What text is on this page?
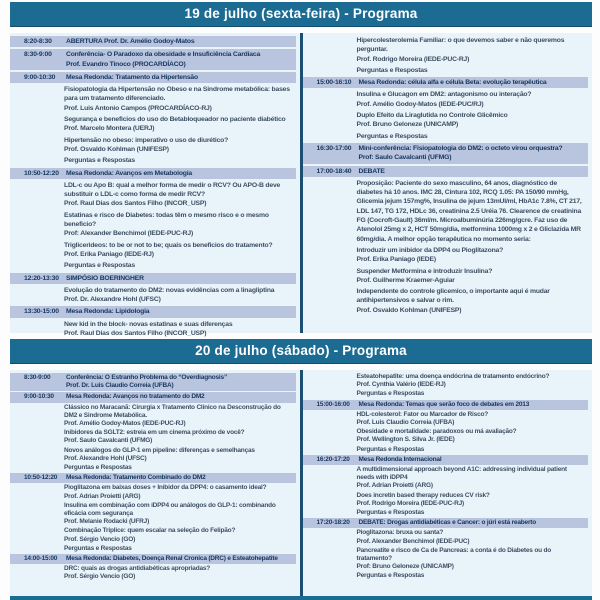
19 de julho (sexta-feira) - Programa
8:20-8:30	ABERTURA Prof. Dr. Amélio Godoy-Matos
8:30-9:00	Conferência- O Paradoxo da obesidade e Insuficiência Cardiaca
Prof. Evandro Tinoco (PROCARDÍACO)
9:00-10:30	Mesa Redonda: Tratamento da Hipertensão
Fisiopatologia da Hipertensão no Obeso e na Sindrome metabólica: bases para um tratamento diferenciado.
Prof. Luis Antonio Campos (PROCARDÍACO-RJ)
Segurança e beneficios do uso do Betabloqueador no paciente diabético
Prof. Marcelo Montera (UERJ)
Hipertensão no obeso: imperativo o uso de diurético?
Prof. Osvaldo Kohlman (UNIFESP)
Perguntas e Respostas
10:50-12:20	Mesa Redonda: Avanços em Metabologia
LDL-c ou Apo B: qual a melhor forma de medir o RCV? Ou APO-B deve substituir o LDL-c como forma de medir RCV?
Prof. Raul Dias dos Santos Filho (INCOR_USP)
Estatinas e risco de Diabetes: todas têm o mesmo risco e o mesmo beneficio?
Prof: Alexander Benchimol (IEDE-PUC-RJ)
Triglicerideos: to be or not to be; quais os beneficios do tratamento?
Prof. Erika Paniago (IEDE-RJ)
Perguntas e Respostas
12:20-13:30	SIMPÓSIO BOERINGHER
Evolução do tratamento do DM2: novas evidências com a linagliptina
Prof. Dr. Alexandre Hohl (UFSC)
13:30-15:00	Mesa Redonda: Lipidologia
New kid in the block- novas estatinas e suas diferenças
Prof. Raul Dias dos Santos Filho (INCOR_USP)
Hipercolesterolemia Familiar: o que devemos saber e não queremos perguntar.
Prof. Rodrigo Moreira (IEDE-PUC-RJ)
Perguntas e Respostas
15:00-16:10	Mesa Redonda: célula alfa e célula Beta: evolução terapêutica
Insulina e Glucagon em DM2: antagonismo ou interação?
Prof. Amélio Godoy-Matos (IEDE-PUC/RJ)
Duplo Efeito da Liraglutida no Controle Glicêmico
Prof. Bruno Geloneze (UNICAMP)
Perguntas e Respostas
16:30-17:00	Mini-conferência: Fisiopatologia do DM2: o octeto virou orquestra?
Prof: Saulo Cavalcanti (UFMG)
17:00-18:40	DEBATE
Proposição: Paciente do sexo masculino, 64 anos, diagnóstico de diabetes há 10 anos. IMC 28, Cintura 102, RCQ 1.05: PA 150/90 mmHg, Glicemia jejum 157mg%, Insulina de jejum 13mUI/ml, HbA1c 7.8%, CT 217, LDL 147, TG 172, HDLc 36, creatinina 2.5 Uréia 76. Clearence de creatinina FG (Cocroft-Gault) 36ml/m. Microalbuminúria 226mg/gcre. Faz uso de Atenolol 25mg x 2, HCT 50mg/dia, metformina 1000mg x 2 e Gliclazida MR 60mg/dia. A melhor opção terapêutica no momento seria:
Introduzir um inibidor da DPP4 ou Pioglitazona?
Prof. Erika Paniago (IEDE)
Suspender Metformina e introduzir Insulina?
Prof. Guilherme Kraemer-Aguiar
Independente do controle glicemico, o importante aqui é mudar antihipertensivos e salvar o rim.
Prof. Osvaldo Kohlman (UNIFESP)
20 de julho (sábado) - Programa
8:30-9:00	Conferência: O Estranho Problema do “Overdiagnosis”
Prof. Dr. Luis Claudio Correia (UFBA)
9:00-10:30	Mesa Redonda: Avanços no tratamento do DM2
Clássico no Maracanã: Cirurgia x Tratamento Clínico na Desconstrução do DM2 e Sindrome Metabólica.
Prof. Amélio Godoy-Matos (IEDE-PUC-RJ)
Inibidores da SGLT2: estreia em um cinema próximo de você?
Prof. Saulo Cavalcanti (UFMG)
Novos análogos do GLP-1 em pipeline: diferenças e semelhanças
Prof. Alexandre Hohl (UFSC)
Perguntas e Respostas
10:50-12:20	Mesa Redonda: Tratamento Combinado do DM2
Pioglitazona em baixas doses + Inibidor da DPP4: o casamento ideal?
Prof. Adrian Proietti (ARG)
Insulina em combinação com iDPP4 ou análogos do GLP-1: combinando eficácia com segurança
Prof. Melanie Rodacki (UFRJ)
Combinação Triplice: quem escalar na seleção do Felipão?
Prof. Sérgio Vencio (GO)
Perguntas e Respostas
14:00-15:00	Mesa Redonda: Diabetes, Doença Renal Cronica (DRC) e Esteatohepatite
DRC: quais as drogas antidiabéticas apropriadas?
Prof. Sérgio Vencio (GO)
Esteatohepatite: uma doença endócrina de tratamento endócrino?
Prof. Cynthia Valério (IEDE-RJ)
Perguntas e Respostas
15:00-16:00	Mesa Redonda: Temas que serão foco de debates em 2013
HDL-colesterol: Fator ou Marcador de Risco?
Prof. Luis Claudio Correia (UFBA)
Obesidade e mortalidade: paradoxos ou má avaliação?
Prof. Wellington S. Silva Jr. (IEDE)
Perguntas e Respostas
16:20-17:20	Mesa Redonda Internacional
A multidimensional approach beyond A1C: addressing individual patient needs with iDPP4
Prof. Adrian Proietti (ARG)
Does incretin based therapy reduces CV risk?
Prof. Rodrigo Moreira (IEDE-PUC-RJ)
Perguntas e Respostas
17:20-18:20	DEBATE: Drogas antidiabéticas e Cancer: o júri está reaberto
Pioglitazona: bruxa ou santa?
Prof. Alexander Benchimol (IEDE-PUC)
Pancreatite e risco de Ca de Pancreas: a conta é do Diabetes ou do tratamento?
Prof: Bruno Geloneze (UNICAMP)
Perguntas e Respostas
